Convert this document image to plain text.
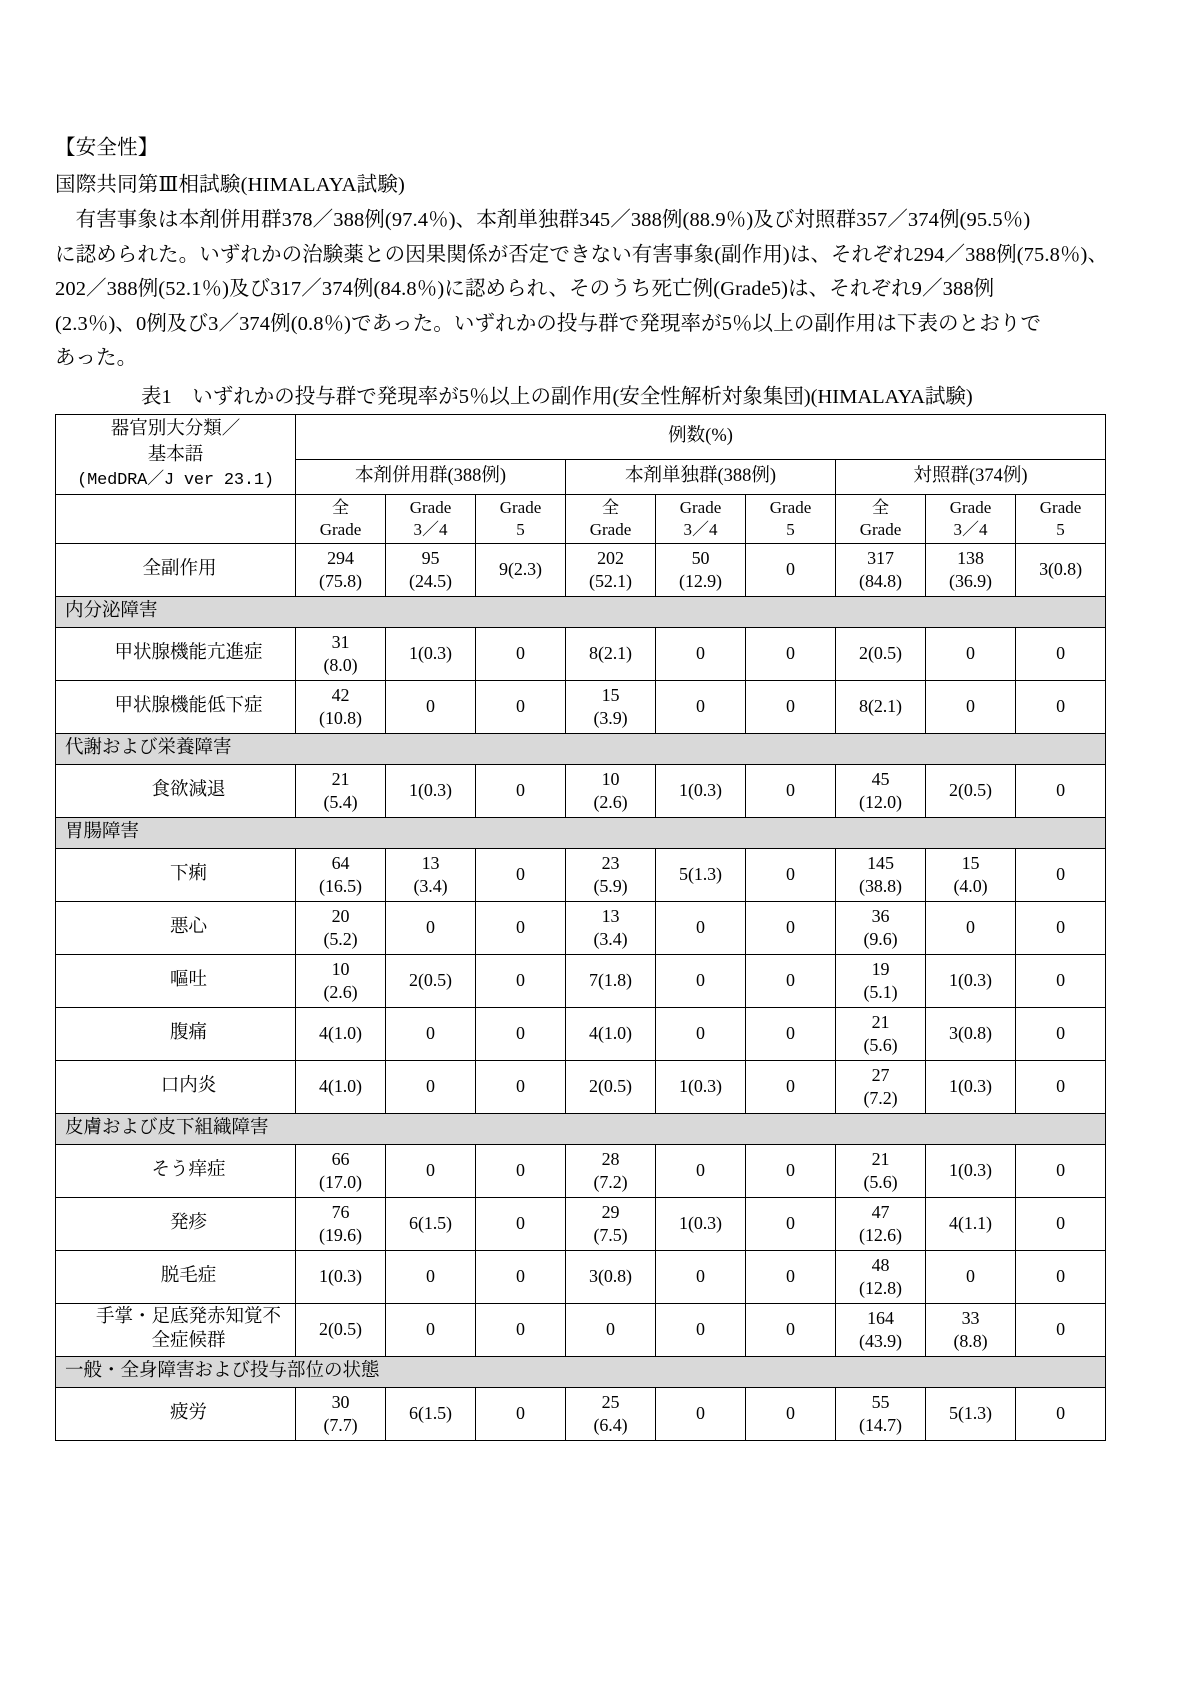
【安全性】
国際共同第Ⅲ相試験(HIMALAYA試験)
　有害事象は本剤併用群378／388例(97.4％)、本剤単独群345／388例(88.9％)及び対照群357／374例(95.5％)
に認められた。いずれかの治験薬との因果関係が否定できない有害事象(副作用)は、それぞれ294／388例(75.8％)、
202／388例(52.1％)及び317／374例(84.8％)に認められ、そのうち死亡例(Grade5)は、それぞれ9／388例
(2.3％)、0例及び3／374例(0.8％)であった。いずれかの投与群で発現率が5％以上の副作用は下表のとおりで
あった。
表1　いずれかの投与群で発現率が5％以上の副作用(安全性解析対象集団)(HIMALAYA試験)
器官別大分類／
基本語
(MedDRA／J ver 23.1)	例数(%)								
	本剤併用群(388例)			本剤単独群(388例)			対照群(374例)		

	全
Grade	Grade
3／4	Grade
5	全
Grade	Grade
3／4	Grade
5	全
Grade	Grade
3／4	Grade
5

全副作用	294
(75.8)	95
(24.5)	9(2.3)	202
(52.1)	50
(12.9)	0	317
(84.8)	138
(36.9)	3(0.8)

内分泌障害									
甲状腺機能亢進症	31
(8.0)	1(0.3)	0	8(2.1)	0	0	2(0.5)	0	0

甲状腺機能低下症	42
(10.8)	0	0	15
(3.9)	0	0	8(2.1)	0	0

代謝および栄養障害									
食欲減退	21
(5.4)	1(0.3)	0	10
(2.6)	1(0.3)	0	45
(12.0)	2(0.5)	0

胃腸障害									
下痢	64
(16.5)	13
(3.4)	0	23
(5.9)	5(1.3)	0	145
(38.8)	15
(4.0)	0

悪心	20
(5.2)	0	0	13
(3.4)	0	0	36
(9.6)	0	0

嘔吐	10
(2.6)	2(0.5)	0	7(1.8)	0	0	19
(5.1)	1(0.3)	0

腹痛	4(1.0)	0	0	4(1.0)	0	0	21
(5.6)	3(0.8)	0

口内炎	4(1.0)	0	0	2(0.5)	1(0.3)	0	27
(7.2)	1(0.3)	0

皮膚および皮下組織障害									
そう痒症	66
(17.0)	0	0	28
(7.2)	0	0	21
(5.6)	1(0.3)	0

発疹	76
(19.6)	6(1.5)	0	29
(7.5)	1(0.3)	0	47
(12.6)	4(1.1)	0

脱毛症	1(0.3)	0	0	3(0.8)	0	0	48
(12.8)	0	0

手掌・足底発赤知覚不
全症候群	2(0.5)	0	0	0	0	0	164
(43.9)	33
(8.8)	0

一般・全身障害および投与部位の状態									
疲労	30
(7.7)	6(1.5)	0	25
(6.4)	0	0	55
(14.7)	5(1.3)	0
